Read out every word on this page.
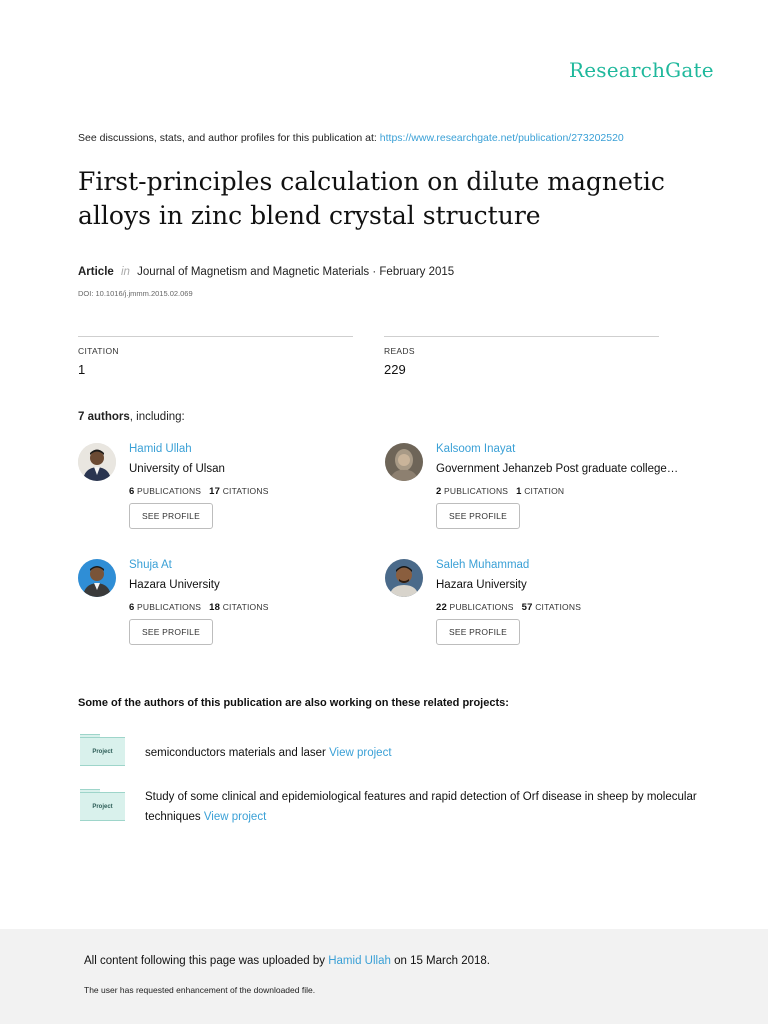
ResearchGate
See discussions, stats, and author profiles for this publication at: https://www.researchgate.net/publication/273202520
First-principles calculation on dilute magnetic alloys in zinc blend crystal structure
Article in Journal of Magnetism and Magnetic Materials · February 2015
DOI: 10.1016/j.jmmm.2015.02.069
CITATION
1
READS
229
7 authors, including:
Hamid Ullah
University of Ulsan
6 PUBLICATIONS 17 CITATIONS
SEE PROFILE
Kalsoom Inayat
Government Jehanzeb Post graduate college…
2 PUBLICATIONS 1 CITATION
SEE PROFILE
Shuja At
Hazara University
6 PUBLICATIONS 18 CITATIONS
SEE PROFILE
Saleh Muhammad
Hazara University
22 PUBLICATIONS 57 CITATIONS
SEE PROFILE
Some of the authors of this publication are also working on these related projects:
Project	semiconductors materials and laser View project
Project
Study of some clinical and epidemiological features and rapid detection of Orf disease in sheep by molecular techniques View project
All content following this page was uploaded by Hamid Ullah on 15 March 2018.
The user has requested enhancement of the downloaded file.
